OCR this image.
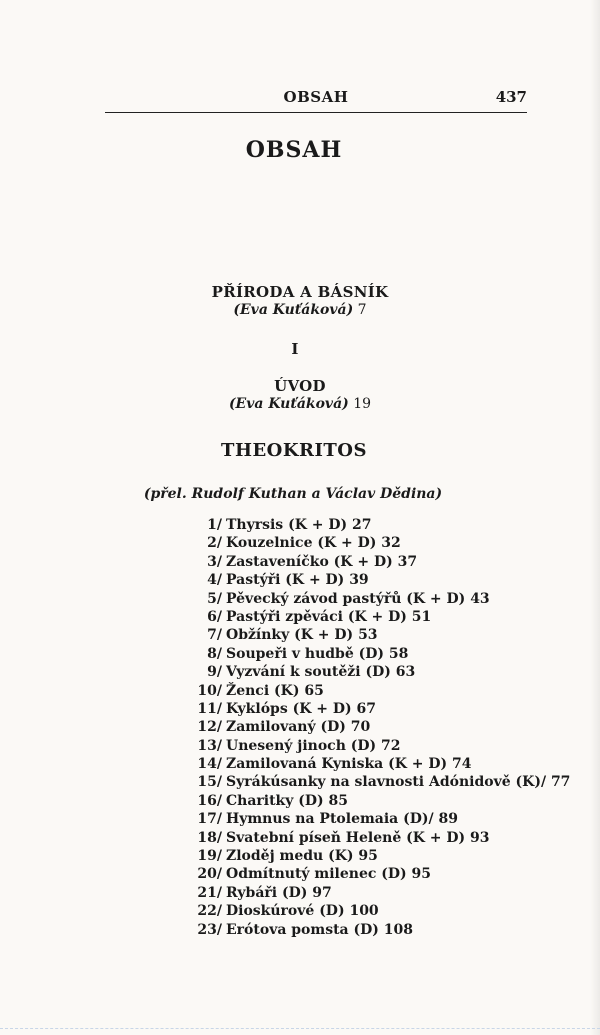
OBSAH	437
OBSAH
PŘÍRODA A BÁSNÍK
(Eva Kuťáková) 7
I
ÚVOD
(Eva Kuťáková) 19
THEOKRITOS
(přel. Rudolf Kuthan a Václav Dědina)
1/ Thyrsis (K + D) 27
2/ Kouzelnice (K + D) 32
3/ Zastaveníčko (K + D) 37
4/ Pastýři (K + D) 39
5/ Pěvecký závod pastýřů (K + D) 43
6/ Pastýři zpěváci (K + D) 51
7/ Obžínky (K + D) 53
8/ Soupeři v hudbě (D) 58
9/ Vyzvání k soutěži (D) 63
10/ Ženci (K) 65
11/ Kyklóps (K + D) 67
12/ Zamilovaný (D) 70
13/ Unesený jinoch (D) 72
14/ Zamilovaná Kyniska (K + D) 74
15/ Syrákúsanky na slavnosti Adónidově (K)/ 77
16/ Charitky (D) 85
17/ Hymnus na Ptolemaia (D)/ 89
18/ Svatební píseň Heleně (K + D) 93
19/ Zloděj medu (K) 95
20/ Odmítnutý milenec (D) 95
21/ Rybáři (D) 97
22/ Dioskúrové (D) 100
23/ Erótova pomsta (D) 108
